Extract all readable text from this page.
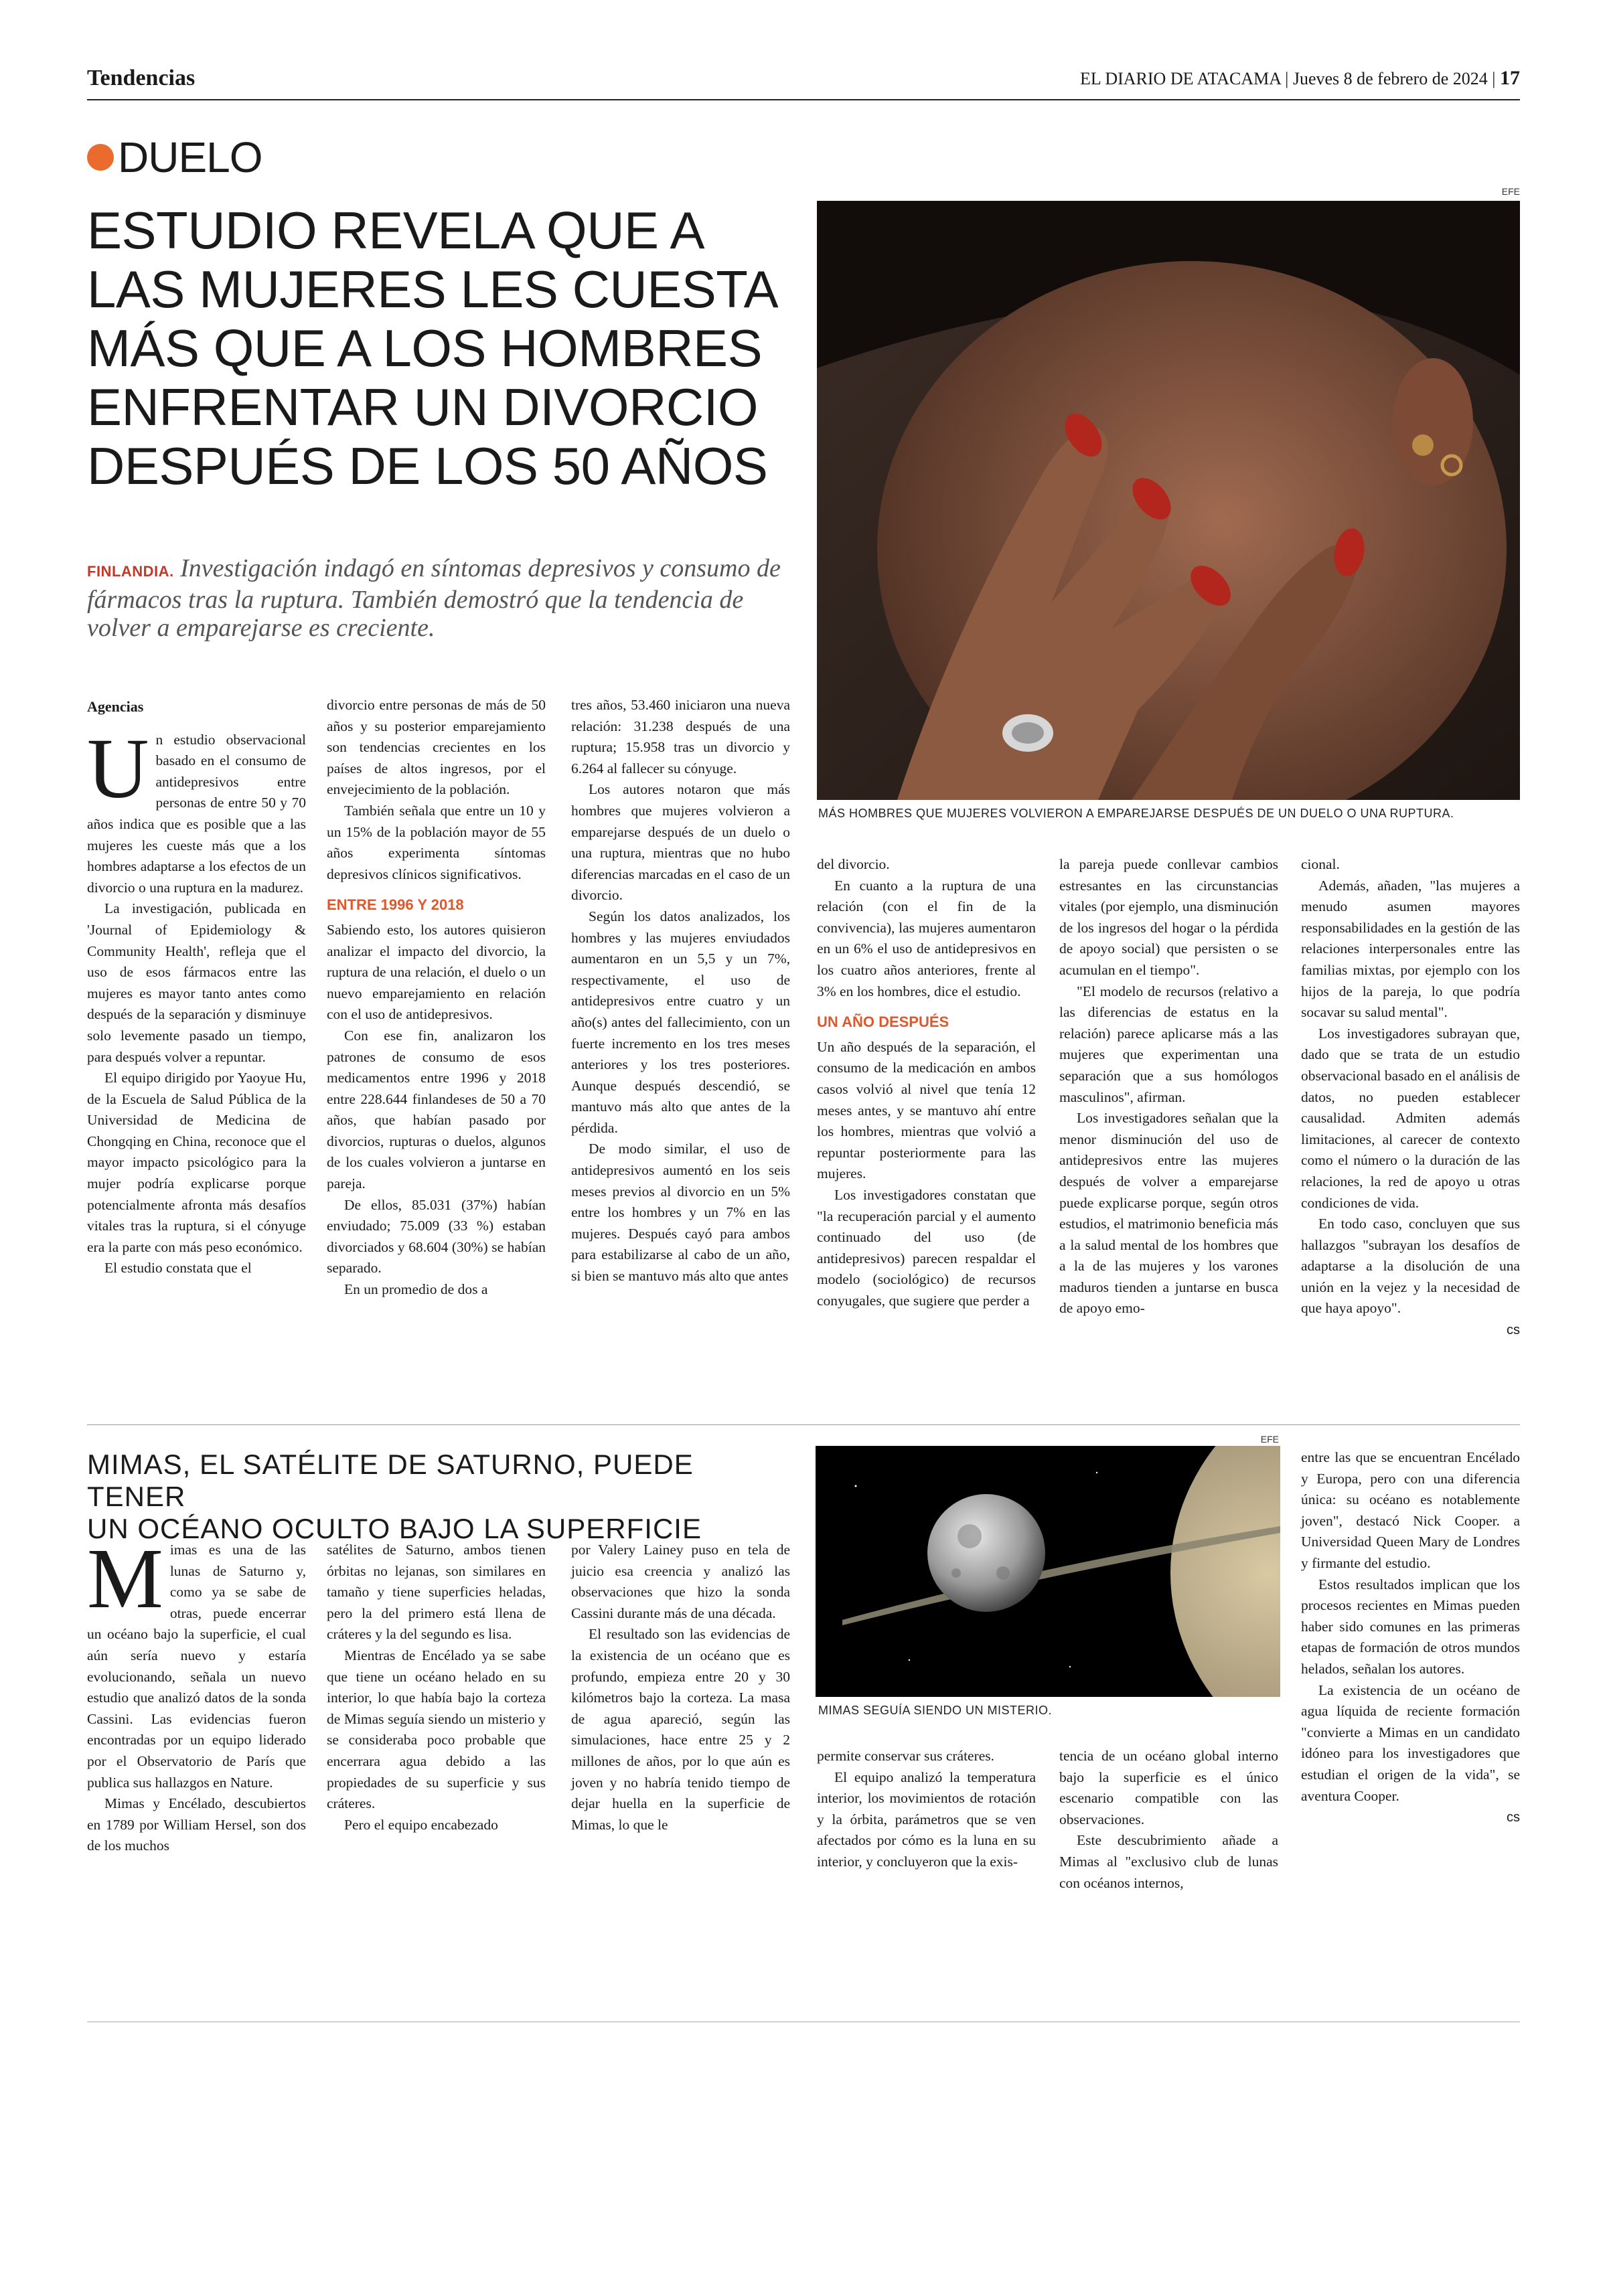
Tendencias	EL DIARIO DE ATACAMA | Jueves 8 de febrero de 2024 | 17
DUELO
ESTUDIO REVELA QUE A
LAS MUJERES LES CUESTA
MÁS QUE A LOS HOMBRES
ENFRENTAR UN DIVORCIO
DESPUÉS DE LOS 50 AÑOS
FINLANDIA. Investigación indagó en síntomas depresivos y consumo de fármacos tras la ruptura. También demostró que la tendencia de volver a emparejarse es creciente.
EFE
MÁS HOMBRES QUE MUJERES VOLVIERON A EMPAREJARSE DESPUÉS DE UN DUELO O UNA RUPTURA.
Agencias
U n estudio observacional basado en el consumo de antidepresivos entre personas de entre 50 y 70 años indica que es posible que a las mujeres les cueste más que a los hombres adaptarse a los efectos de un divorcio o una ruptura en la madurez.

La investigación, publicada en 'Journal of Epidemiology & Community Health', refleja que el uso de esos fármacos entre las mujeres es mayor tanto antes como después de la separación y disminuye solo levemente pasado un tiempo, para después volver a repuntar.

El equipo dirigido por Yaoyue Hu, de la Escuela de Salud Pública de la Universidad de Medicina de Chongqing en China, reconoce que el mayor impacto psicológico para la mujer podría explicarse porque potencialmente afronta más desafíos vitales tras la ruptura, si el cónyuge era la parte con más peso económico.

El estudio constata que el

divorcio entre personas de más de 50 años y su posterior emparejamiento son tendencias crecientes en los países de altos ingresos, por el envejecimiento de la población.

También señala que entre un 10 y un 15% de la población mayor de 55 años experimenta síntomas depresivos clínicos significativos.

ENTRE 1996 Y 2018

Sabiendo esto, los autores quisieron analizar el impacto del divorcio, la ruptura de una relación, el duelo o un nuevo emparejamiento en relación con el uso de antidepresivos.

Con ese fin, analizaron los patrones de consumo de esos medicamentos entre 1996 y 2018 entre 228.644 finlandeses de 50 a 70 años, que habían pasado por divorcios, rupturas o duelos, algunos de los cuales volvieron a juntarse en pareja.

De ellos, 85.031 (37%) habían enviudado; 75.009 (33 %) estaban divorciados y 68.604 (30%) se habían separado.

En un promedio de dos a

tres años, 53.460 iniciaron una nueva relación: 31.238 después de una ruptura; 15.958 tras un divorcio y 6.264 al fallecer su cónyuge.

Los autores notaron que más hombres que mujeres volvieron a emparejarse después de un duelo o una ruptura, mientras que no hubo diferencias marcadas en el caso de un divorcio.

Según los datos analizados, los hombres y las mujeres enviudados aumentaron en un 5,5 y un 7%, respectivamente, el uso de antidepresivos entre cuatro y un año(s) antes del fallecimiento, con un fuerte incremento en los tres meses anteriores y los tres posteriores. Aunque después descendió, se mantuvo más alto que antes de la pérdida.

De modo similar, el uso de antidepresivos aumentó en los seis meses previos al divorcio en un 5% entre los hombres y un 7% en las mujeres. Después cayó para ambos para estabilizarse al cabo de un año, si bien se mantuvo más alto que antes

del divorcio.

En cuanto a la ruptura de una relación (con el fin de la convivencia), las mujeres aumentaron en un 6% el uso de antidepresivos en los cuatro años anteriores, frente al 3% en los hombres, dice el estudio.

UN AÑO DESPUÉS

Un año después de la separación, el consumo de la medicación en ambos casos volvió al nivel que tenía 12 meses antes, y se mantuvo ahí entre los hombres, mientras que volvió a repuntar posteriormente para las mujeres.

Los investigadores constatan que "la recuperación parcial y el aumento continuado del uso (de antidepresivos) parecen respaldar el modelo (sociológico) de recursos conyugales, que sugiere que perder a

la pareja puede conllevar cambios estresantes en las circunstancias vitales (por ejemplo, una disminución de los ingresos del hogar o la pérdida de apoyo social) que persisten o se acumulan en el tiempo".

"El modelo de recursos (relativo a las diferencias de estatus en la relación) parece aplicarse más a las mujeres que experimentan una separación que a sus homólogos masculinos", afirman.

Los investigadores señalan que la menor disminución del uso de antidepresivos entre las mujeres después de volver a emparejarse puede explicarse porque, según otros estudios, el matrimonio beneficia más a la salud mental de los hombres que a la de las mujeres y los varones maduros tienden a juntarse en busca de apoyo emo-

cional.

Además, añaden, "las mujeres a menudo asumen mayores responsabilidades en la gestión de las relaciones interpersonales entre las familias mixtas, por ejemplo con los hijos de la pareja, lo que podría socavar su salud mental".

Los investigadores subrayan que, dado que se trata de un estudio observacional basado en el análisis de datos, no pueden establecer causalidad. Admiten además limitaciones, al carecer de contexto como el número o la duración de las relaciones, la red de apoyo u otras condiciones de vida.

En todo caso, concluyen que sus hallazgos "subrayan los desafíos de adaptarse a la disolución de una unión en la vejez y la necesidad de que haya apoyo".

cs
MIMAS, EL SATÉLITE DE SATURNO, PUEDE TENER
UN OCÉANO OCULTO BAJO LA SUPERFICIE
EFE
MIMAS SEGUÍA SIENDO UN MISTERIO.
M imas es una de las lunas de Saturno y, como ya se sabe de otras, puede encerrar un océano bajo la superficie, el cual aún sería nuevo y estaría evolucionando, señala un nuevo estudio que analizó datos de la sonda Cassini. Las evidencias fueron encontradas por un equipo liderado por el Observatorio de París que publica sus hallazgos en Nature.

Mimas y Encélado, descubiertos en 1789 por William Hersel, son dos de los muchos

satélites de Saturno, ambos tienen órbitas no lejanas, son similares en tamaño y tiene superficies heladas, pero la del primero está llena de cráteres y la del segundo es lisa.

Mientras de Encélado ya se sabe que tiene un océano helado en su interior, lo que había bajo la corteza de Mimas seguía siendo un misterio y se consideraba poco probable que encerrara agua debido a las propiedades de su superficie y sus cráteres.

Pero el equipo encabezado

por Valery Lainey puso en tela de juicio esa creencia y analizó las observaciones que hizo la sonda Cassini durante más de una década.

El resultado son las evidencias de la existencia de un océano que es profundo, empieza entre 20 y 30 kilómetros bajo la corteza. La masa de agua apareció, según las simulaciones, hace entre 25 y 2 millones de años, por lo que aún es joven y no habría tenido tiempo de dejar huella en la superficie de Mimas, lo que le

permite conservar sus cráteres.

El equipo analizó la temperatura interior, los movimientos de rotación y la órbita, parámetros que se ven afectados por cómo es la luna en su interior, y concluyeron que la exis-

tencia de un océano global interno bajo la superficie es el único escenario compatible con las observaciones.

Este descubrimiento añade a Mimas al "exclusivo club de lunas con océanos internos,

entre las que se encuentran Encélado y Europa, pero con una diferencia única: su océano es notablemente joven", destacó Nick Cooper. a Universidad Queen Mary de Londres y firmante del estudio.

Estos resultados implican que los procesos recientes en Mimas pueden haber sido comunes en las primeras etapas de formación de otros mundos helados, señalan los autores.

La existencia de un océano de agua líquida de reciente formación "convierte a Mimas en un candidato idóneo para los investigadores que estudian el origen de la vida", se aventura Cooper.

cs
